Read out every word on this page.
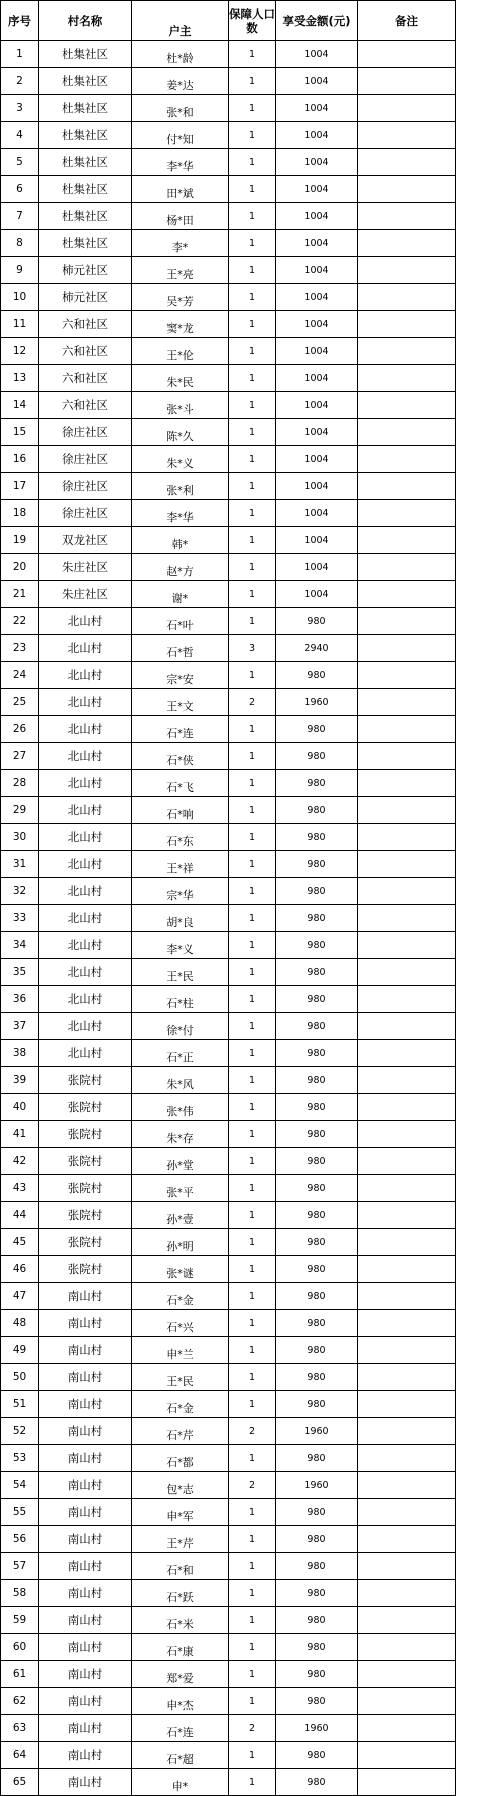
序号	村名称	户主	保障人口数	享受金额(元)	备注
1	杜集社区	杜*龄	1	1004	
2	杜集社区	姜*达	1	1004	
3	杜集社区	张*和	1	1004	
4	杜集社区	付*知	1	1004	
5	杜集社区	李*华	1	1004	
6	杜集社区	田*斌	1	1004	
7	杜集社区	杨*田	1	1004	
8	杜集社区	李*	1	1004	
9	柿元社区	王*亮	1	1004	
10	柿元社区	吴*芳	1	1004	
11	六和社区	窦*龙	1	1004	
12	六和社区	王*伦	1	1004	
13	六和社区	朱*民	1	1004	
14	六和社区	张*斗	1	1004	
15	徐庄社区	陈*久	1	1004	
16	徐庄社区	朱*义	1	1004	
17	徐庄社区	张*利	1	1004	
18	徐庄社区	李*华	1	1004	
19	双龙社区	韩*	1	1004	
20	朱庄社区	赵*方	1	1004	
21	朱庄社区	谢*	1	1004	
22	北山村	石*叶	1	980	
23	北山村	石*哲	3	2940	
24	北山村	宗*安	1	980	
25	北山村	王*文	2	1960	
26	北山村	石*连	1	980	
27	北山村	石*侠	1	980	
28	北山村	石*飞	1	980	
29	北山村	石*响	1	980	
30	北山村	石*东	1	980	
31	北山村	王*祥	1	980	
32	北山村	宗*华	1	980	
33	北山村	胡*良	1	980	
34	北山村	李*义	1	980	
35	北山村	王*民	1	980	
36	北山村	石*柱	1	980	
37	北山村	徐*付	1	980	
38	北山村	石*正	1	980	
39	张院村	朱*风	1	980	
40	张院村	张*伟	1	980	
41	张院村	朱*存	1	980	
42	张院村	孙*堂	1	980	
43	张院村	张*平	1	980	
44	张院村	孙*壹	1	980	
45	张院村	孙*明	1	980	
46	张院村	张*谜	1	980	
47	南山村	石*金	1	980	
48	南山村	石*兴	1	980	
49	南山村	申*兰	1	980	
50	南山村	王*民	1	980	
51	南山村	石*金	1	980	
52	南山村	石*芹	2	1960	
53	南山村	石*都	1	980	
54	南山村	包*志	2	1960	
55	南山村	申*军	1	980	
56	南山村	王*芹	1	980	
57	南山村	石*和	1	980	
58	南山村	石*跃	1	980	
59	南山村	石*米	1	980	
60	南山村	石*康	1	980	
61	南山村	郑*爱	1	980	
62	南山村	申*杰	1	980	
63	南山村	石*连	2	1960	
64	南山村	石*超	1	980	
65	南山村	申*	1	980	
